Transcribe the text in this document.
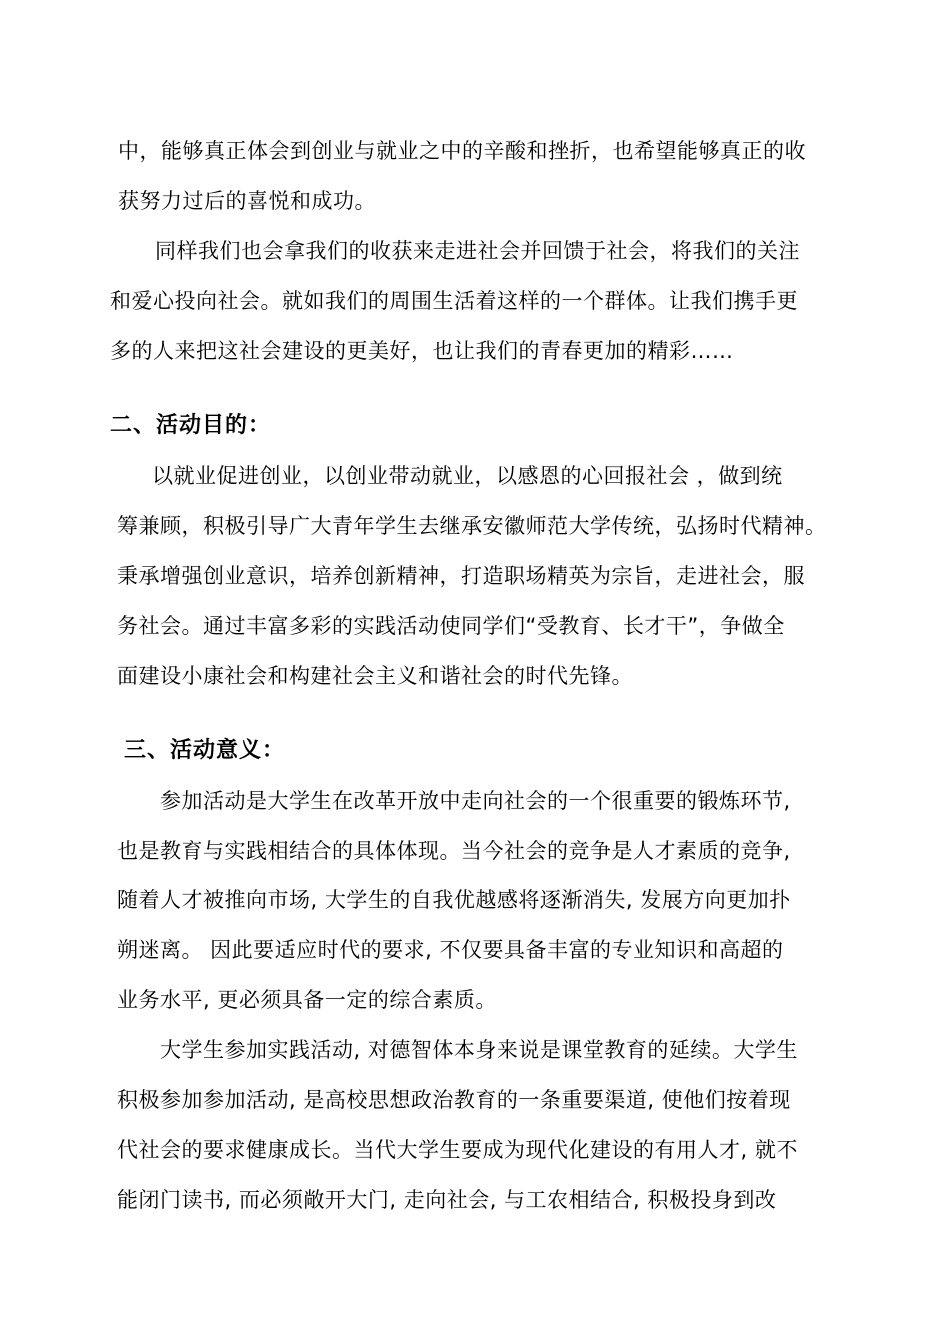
中，能够真正体会到创业与就业之中的辛酸和挫折，也希望能够真正的收
获努力过后的喜悦和成功。
同样我们也会拿我们的收获来走进社会并回馈于社会，将我们的关注
和爱心投向社会。就如我们的周围生活着这样的一个群体。让我们携手更
多的人来把这社会建设的更美好，也让我们的青春更加的精彩……
二、活动目的：
以就业促进创业，以创业带动就业，以感恩的心回报社会 ，做到统
筹兼顾，积极引导广大青年学生去继承安徽师范大学传统，弘扬时代精神。
秉承增强创业意识，培养创新精神，打造职场精英为宗旨，走进社会，服
务社会。通过丰富多彩的实践活动使同学们“受教育、长才干”，争做全
面建设小康社会和构建社会主义和谐社会的时代先锋。
三、活动意义：
参加活动是大学生在改革开放中走向社会的一个很重要的锻炼环节,
也是教育与实践相结合的具体体现。当今社会的竞争是人才素质的竞争,
随着人才被推向市场, 大学生的自我优越感将逐渐消失, 发展方向更加扑
朔迷离。 因此要适应时代的要求, 不仅要具备丰富的专业知识和高超的
业务水平, 更必须具备一定的综合素质。
大学生参加实践活动, 对德智体本身来说是课堂教育的延续。大学生
积极参加参加活动, 是高校思想政治教育的一条重要渠道, 使他们按着现
代社会的要求健康成长。当代大学生要成为现代化建设的有用人才, 就不
能闭门读书, 而必须敞开大门, 走向社会, 与工农相结合, 积极投身到改
